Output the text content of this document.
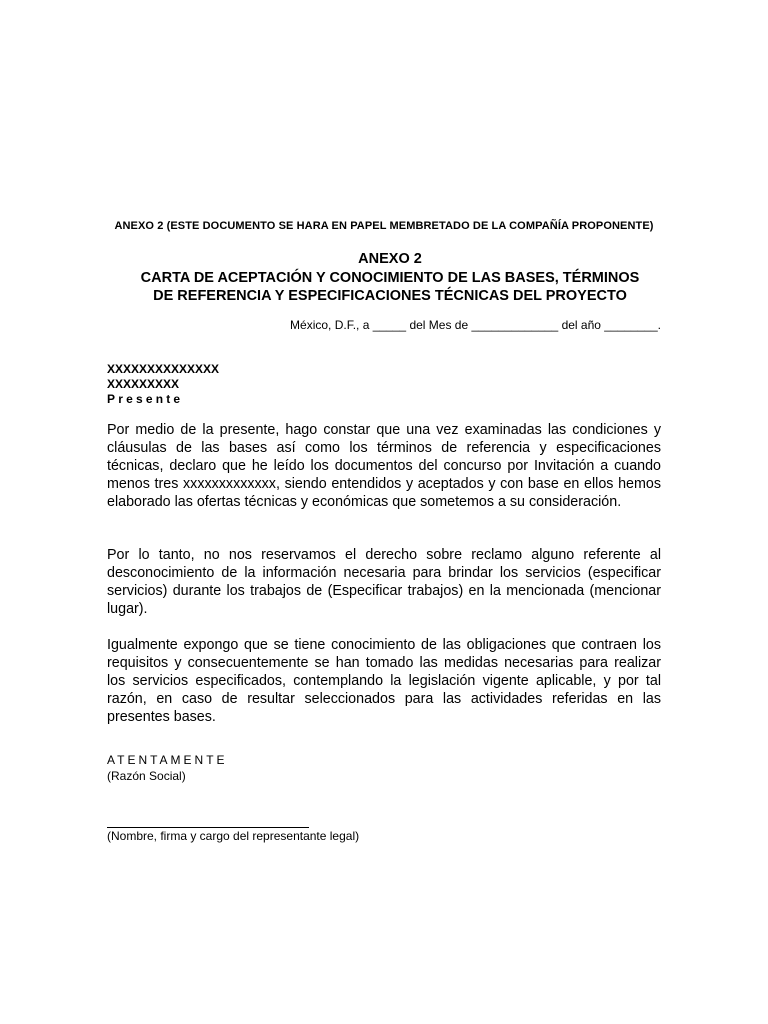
ANEXO 2 (ESTE DOCUMENTO SE HARA EN PAPEL MEMBRETADO DE LA COMPAÑÍA PROPONENTE)
ANEXO 2
CARTA DE ACEPTACIÓN Y CONOCIMIENTO DE LAS BASES, TÉRMINOS
DE REFERENCIA Y ESPECIFICACIONES TÉCNICAS DEL PROYECTO
México, D.F., a _____ del Mes de _____________ del año ________.
XXXXXXXXXXXXXX
XXXXXXXXX
Presente
Por medio de la presente, hago constar que una vez examinadas las condiciones y cláusulas de las bases así como los términos de referencia y especificaciones técnicas, declaro que he leído los documentos del concurso por Invitación a cuando menos tres xxxxxxxxxxxxx, siendo entendidos y aceptados y con base en ellos hemos elaborado las ofertas técnicas y económicas que sometemos a su consideración.
Por lo tanto, no nos reservamos el derecho sobre reclamo alguno referente al desconocimiento de la información necesaria para brindar los servicios (especificar servicios) durante los trabajos de (Especificar trabajos) en la mencionada (mencionar lugar).
Igualmente expongo que se tiene conocimiento de las obligaciones que contraen los requisitos y consecuentemente se han tomado las medidas necesarias para realizar los servicios especificados, contemplando la legislación vigente aplicable, y por tal razón, en caso de resultar seleccionados para las actividades referidas en las presentes bases.
ATENTAMENTE
(Razón Social)
(Nombre, firma y cargo del representante legal)
